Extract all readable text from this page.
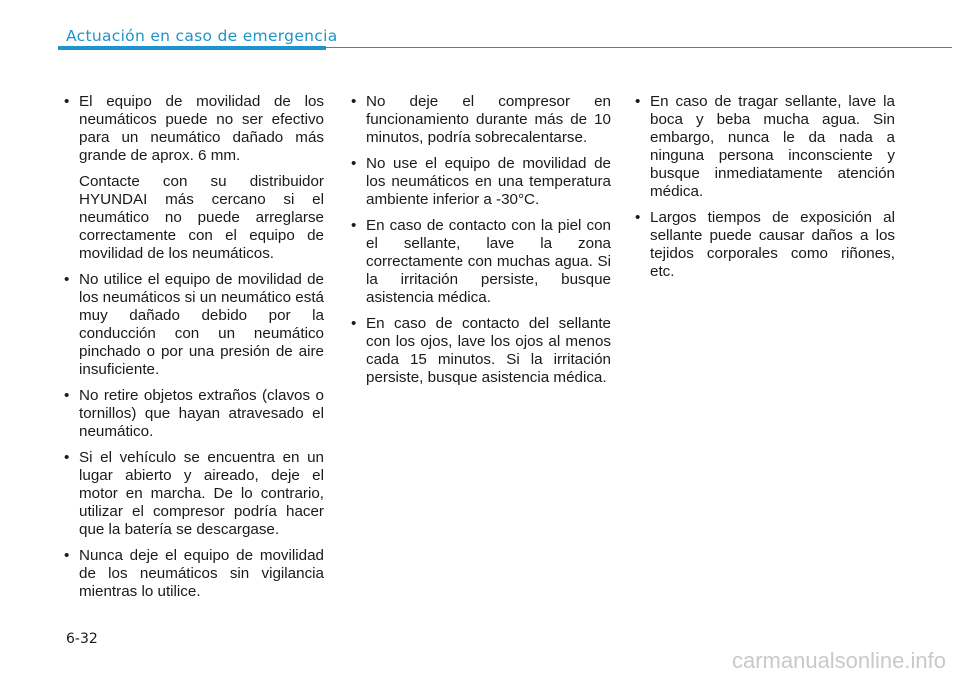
Actuación en caso de emergencia
• El equipo de movilidad de los neumáticos puede no ser efectivo para un neumático dañado más grande de aprox. 6 mm.
Contacte con su distribuidor HYUNDAI más cercano si el neumático no puede arreglarse correctamente con el equipo de movilidad de los neumáticos.
• No utilice el equipo de movilidad de los neumáticos si un neumático está muy dañado debido por la conducción con un neumático pinchado o por una presión de aire insuficiente.
• No retire objetos extraños (clavos o tornillos) que hayan atravesado el neumático.
• Si el vehículo se encuentra en un lugar abierto y aireado, deje el motor en marcha. De lo contrario, utilizar el compresor podría hacer que la batería se descargase.
• Nunca deje el equipo de movilidad de los neumáticos sin vigilancia mientras lo utilice.
• No deje el compresor en funcionamiento durante más de 10 minutos, podría sobrecalentarse.
• No use el equipo de movilidad de los neumáticos en una temperatura ambiente inferior a -30°C.
• En caso de contacto con la piel con el sellante, lave la zona correctamente con muchas agua. Si la irritación persiste, busque asistencia médica.
• En caso de contacto del sellante con los ojos, lave los ojos al menos cada 15 minutos. Si la irritación persiste, busque asistencia médica.
• En caso de tragar sellante, lave la boca y beba mucha agua. Sin embargo, nunca le da nada a ninguna persona inconsciente y busque inmediatamente atención médica.
• Largos tiempos de exposición al sellante puede causar daños a los tejidos corporales como riñones, etc.
6-32
carmanualsonline.info
